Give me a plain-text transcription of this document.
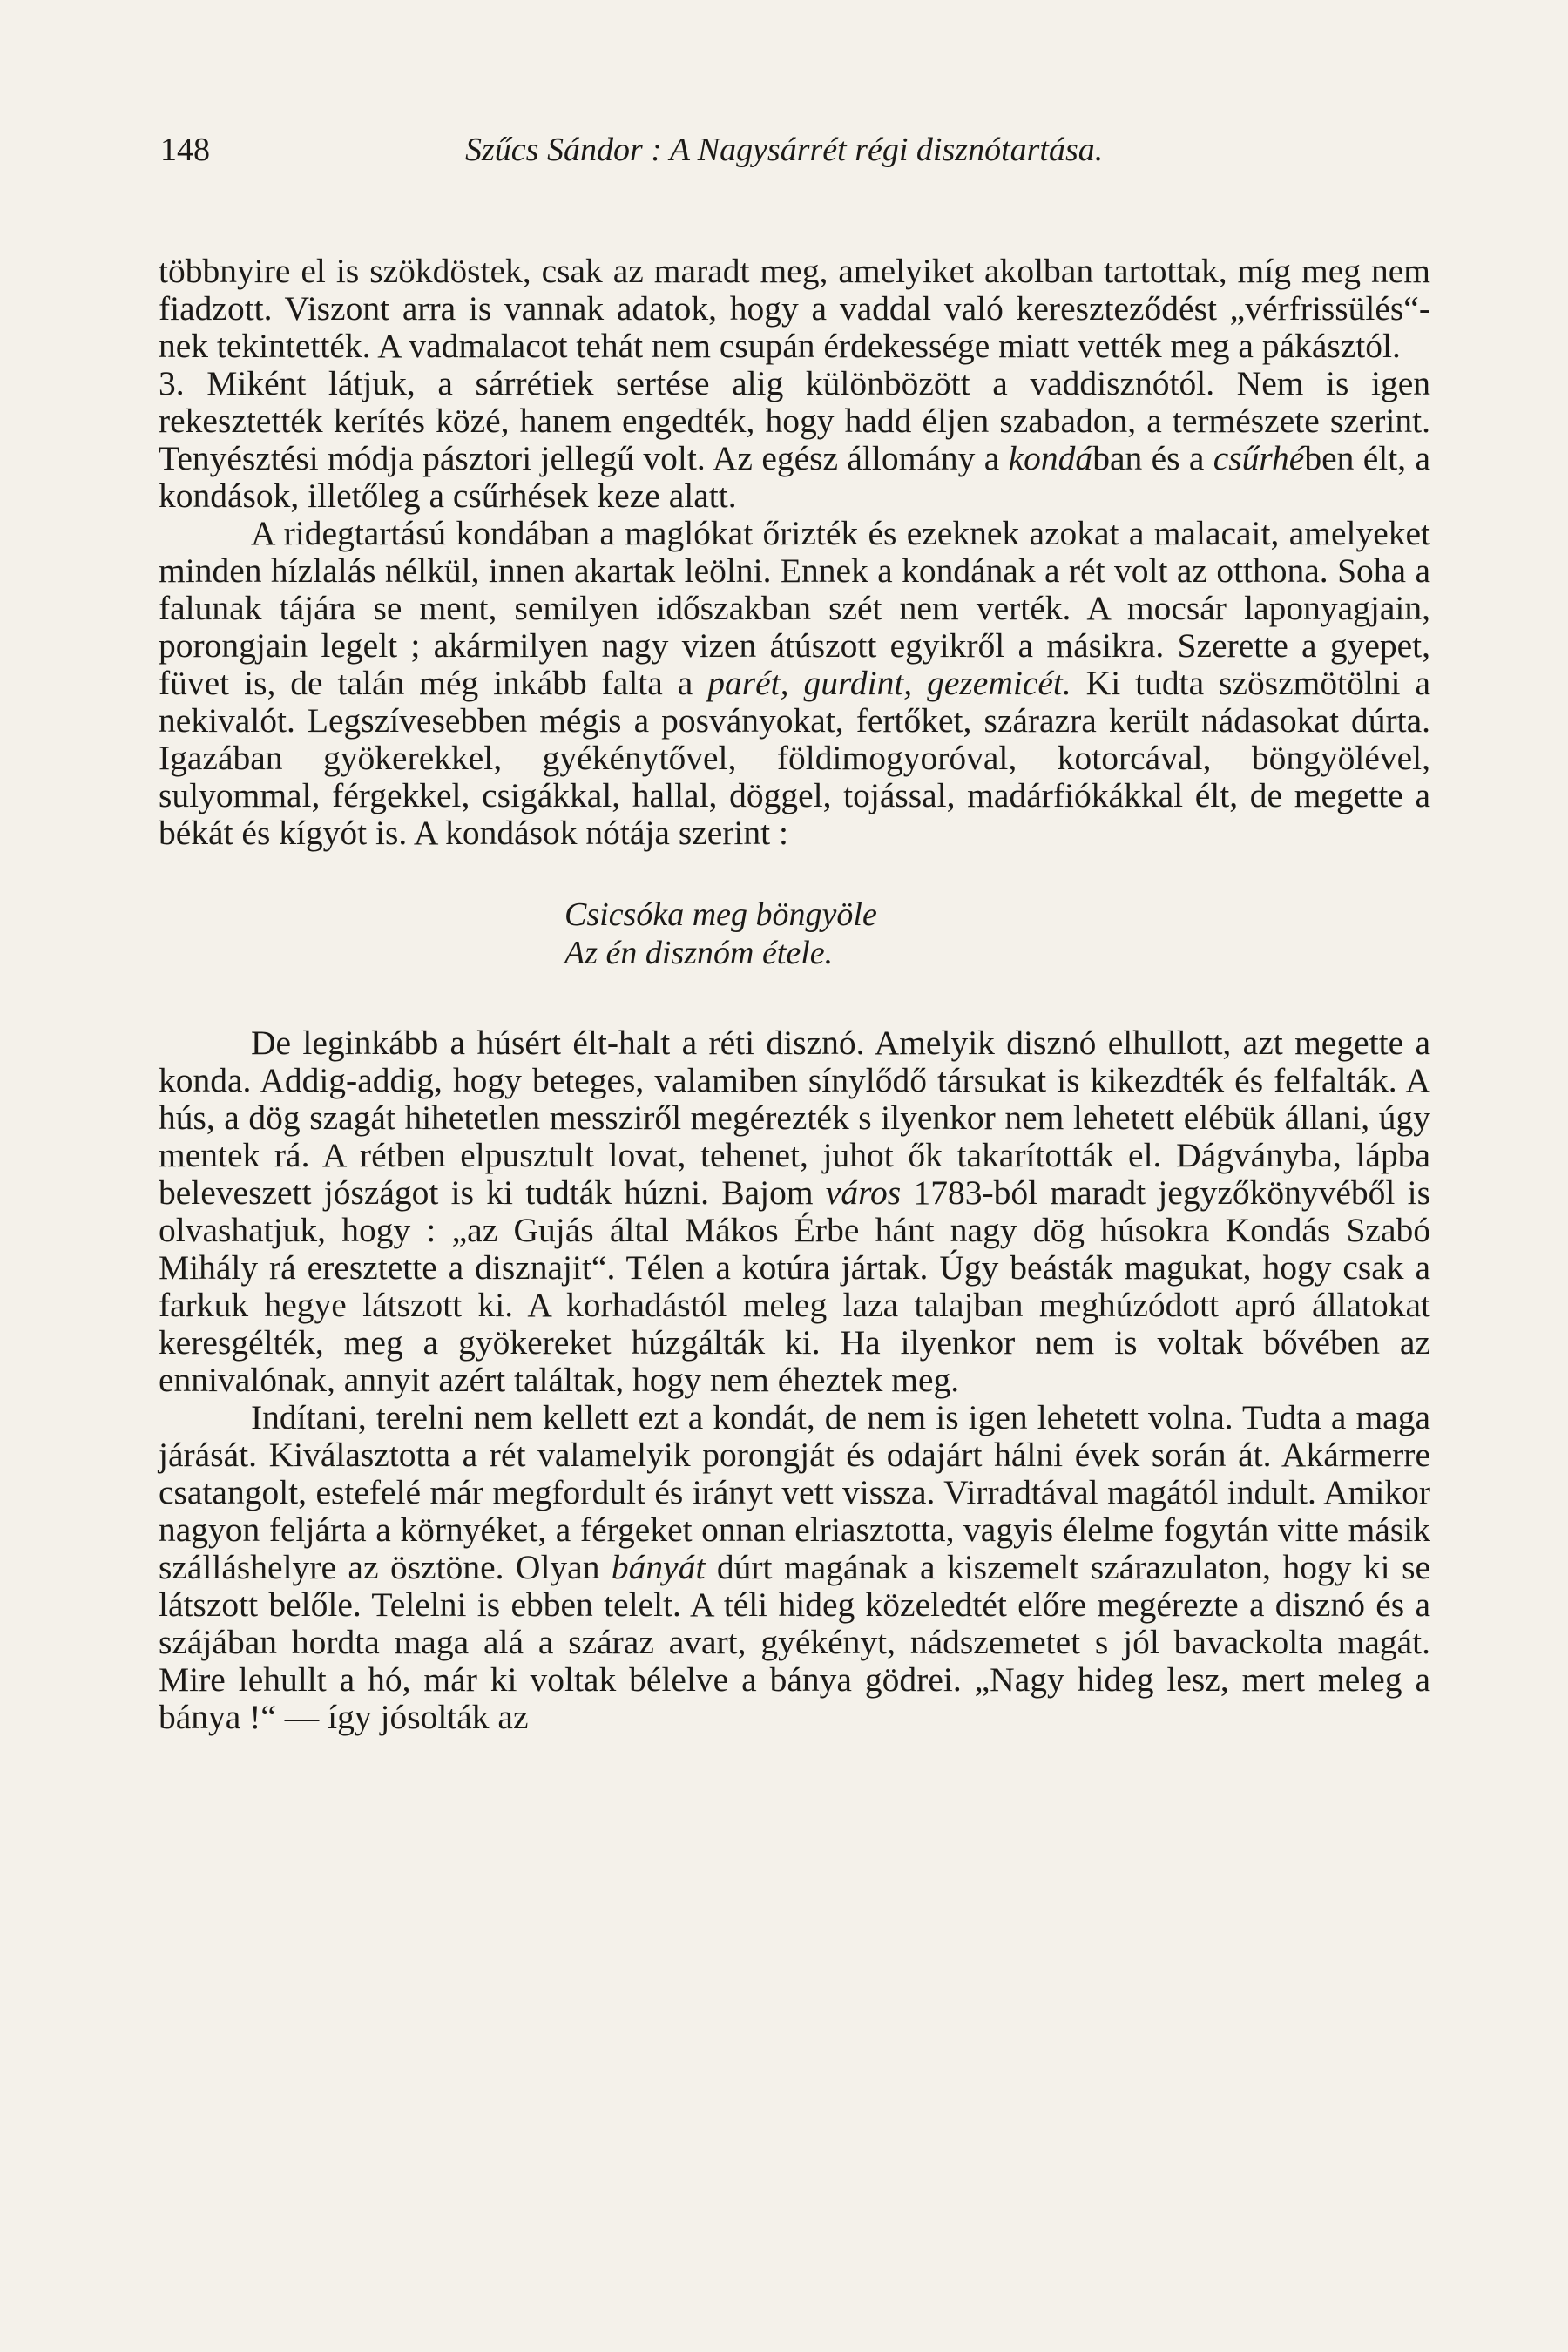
148	Szűcs Sándor : A Nagysárrét régi disznótartása.

többnyire el is szökdöstek, csak az maradt meg, amelyiket akolban tartottak, míg meg nem fiadzott. Viszont arra is vannak adatok, hogy a vaddal való kereszteződést „vérfrissülés“-nek tekintették. A vadmalacot tehát nem csupán érdekessége miatt vették meg a pákásztól.

3. Miként látjuk, a sárrétiek sertése alig különbözött a vaddisznótól. Nem is igen rekesztették kerítés közé, hanem engedték, hogy hadd éljen szabadon, a természete szerint. Tenyésztési módja pásztori jellegű volt. Az egész állomány a kondában és a csűrhében élt, a kondások, illetőleg a csűrhések keze alatt.

A ridegtartású kondában a maglókat őrizték és ezeknek azokat a malacait, amelyeket minden hízlalás nélkül, innen akartak leölni. Ennek a kondának a rét volt az otthona. Soha a falunak tájára se ment, semilyen időszakban szét nem verték. A mocsár laponyagjain, porongjain legelt ; akármilyen nagy vizen átúszott egyikről a másikra. Szerette a gyepet, füvet is, de talán még inkább falta a parét, gurdint, gezemicét. Ki tudta szöszmötölni a nekivalót. Legszívesebben mégis a posványokat, fertőket, szárazra került nádasokat dúrta. Igazában gyökerekkel, gyékénytővel, földimogyoróval, kotorcával, böngyölével, sulyommal, férgekkel, csigákkal, hallal, döggel, tojással, madárfiókákkal élt, de megette a békát és kígyót is. A kondások nótája szerint :

Csicsóka meg böngyöle
Az én disznóm étele.

De leginkább a húsért élt-halt a réti disznó. Amelyik disznó elhullott, azt megette a konda. Addig-addig, hogy beteges, valamiben sínylődő társukat is kikezdték és felfalták. A hús, a dög szagát hihetetlen messziről megérezték s ilyenkor nem lehetett elébük állani, úgy mentek rá. A rétben elpusztult lovat, tehenet, juhot ők takarították el. Dágványba, lápba beleveszett jószágot is ki tudták húzni. Bajom város 1783-ból maradt jegyzőkönyvéből is olvashatjuk, hogy : „az Gujás által Mákos Érbe hánt nagy dög húsokra Kondás Szabó Mihály rá eresztette a disznajit“. Télen a kotúra jártak. Úgy beásták magukat, hogy csak a farkuk hegye látszott ki. A korhadástól meleg laza talajban meghúzódott apró állatokat keresgélték, meg a gyökereket húzgálták ki. Ha ilyenkor nem is voltak bővében az ennivalónak, annyit azért találtak, hogy nem éheztek meg.

Indítani, terelni nem kellett ezt a kondát, de nem is igen lehetett volna. Tudta a maga járását. Kiválasztotta a rét valamelyik porongját és odajárt hálni évek során át. Akármerre csatangolt, estefelé már megfordult és irányt vett vissza. Virradtával magától indult. Amikor nagyon feljárta a környéket, a férgeket onnan elriasztotta, vagyis élelme fogytán vitte másik szálláshelyre az ösztöne. Olyan bányát dúrt magának a kiszemelt szárazulaton, hogy ki se látszott belőle. Telelni is ebben telelt. A téli hideg közeledtét előre megérezte a disznó és a szájában hordta maga alá a száraz avart, gyékényt, nádszemetet s jól bavackolta magát. Mire lehullt a hó, már ki voltak bélelve a bánya gödrei. „Nagy hideg lesz, mert meleg a bánya !“ — így jósolták az
